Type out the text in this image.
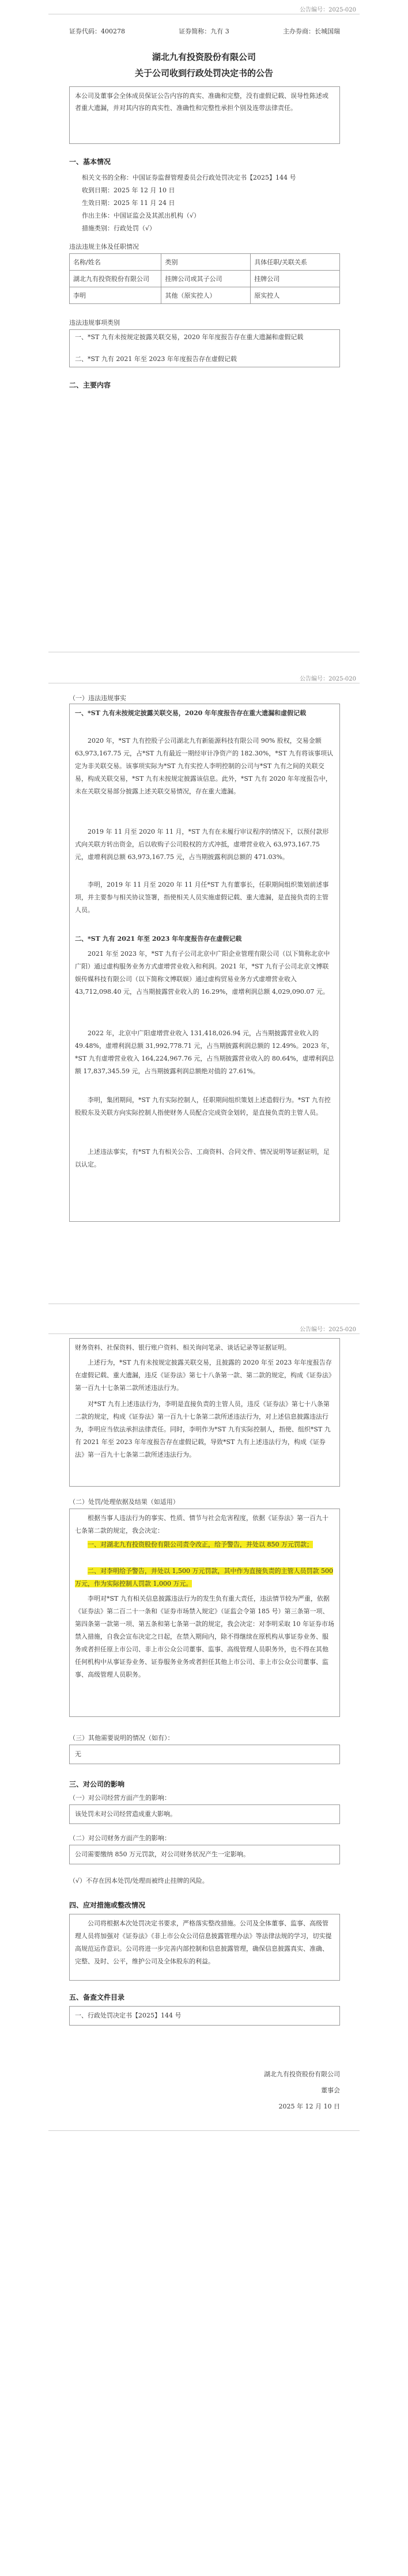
公告编号：2025-020
证券代码：400278	证券简称：九有 3	主办券商：长城国瑞
湖北九有投资股份有限公司
关于公司收到行政处罚决定书的公告
本公司及董事会全体成员保证公告内容的真实、准确和完整，没有虚假记载、误导性陈述或者重大遗漏，并对其内容的真实性、准确性和完整性承担个别及连带法律责任。
一、基本情况
相关文书的全称：中国证券监督管理委员会行政处罚决定书【2025】144 号
收到日期：2025 年 12 月 10 日
生效日期：2025 年 11 月 24 日
作出主体：中国证监会及其派出机构（√）
措施类别：行政处罚（√）
违法违规主体及任职情况
名称/姓名	类别	具体任职/关联关系
湖北九有投资股份有限公司	挂牌公司或其子公司	挂牌公司
李明	其他（原实控人）	原实控人
违法违规事项类别
一、*ST 九有未按规定披露关联交易，2020 年年度报告存在重大遗漏和虚假记载
二、*ST 九有 2021 年至 2023 年年度报告存在虚假记载
二、主要内容
公告编号：2025-020
（一）违法违规事实
一、*ST 九有未按规定披露关联交易，2020 年年度报告存在重大遗漏和虚假记载
2020 年，*ST 九有控股子公司湖北九有新能源科技有限公司 90% 股权，交易金额 63,973,167.75 元，占*ST 九有最近一期经审计净资产的 182.30%，*ST 九有将该事项认定为非关联交易。该事项实际为*ST 九有实控人李明控制的公司与*ST 九有之间的关联交易，构成关联交易，*ST 九有未按规定披露该信息。此外，*ST 九有 2020 年年度报告中，未在关联交易部分披露上述关联交易情况，存在重大遗漏。
2019 年 11 月至 2020 年 11 月，*ST 九有在未履行审议程序的情况下，以预付款形式向关联方转出资金，后以收购子公司股权的方式冲抵，虚增营业收入 63,973,167.75 元，虚增利润总额 63,973,167.75 元，占当期披露利润总额的 471.03%。
李明，2019 年 11 月至 2020 年 11 月任*ST 九有董事长，任职期间组织策划前述事项，并主要参与相关协议签署，指使相关人员实施虚假记载、重大遗漏，是直接负责的主管人员。
二、*ST 九有 2021 年至 2023 年年度报告存在虚假记载
2021 年至 2023 年，*ST 九有子公司北京中广阳企业管理有限公司（以下简称北京中广阳）通过虚构服务业务方式虚增营业收入和利润。2021 年，*ST 九有子公司北京文博联娱传媒科技有限公司（以下简称文博联娱）通过虚构贸易业务方式虚增营业收入 43,712,098.40 元，占当期披露营业收入的 16.29%，虚增利润总额 4,029,090.07 元。
2022 年，北京中广阳虚增营业收入 131,418,026.94 元，占当期披露营业收入的 49.48%，虚增利润总额 31,992,778.71 元，占当期披露利润总额的 12.49%。2023 年，*ST 九有虚增营业收入 164,224,967.76 元，占当期披露营业收入的 80.64%，虚增利润总额 17,837,345.59 元，占当期披露利润总额绝对值的 27.61%。
李明，集团期间，*ST 九有实际控制人，任职期间组织策划上述造假行为。*ST 九有控股股东及关联方向实际控制人指使财务人员配合完成资金划转，是直接负责的主管人员。
上述违法事实，有*ST 九有相关公告、工商资料、合同文件、情况说明等证据证明，足以认定。
公告编号：2025-020
财务资料、社保资料、银行账户资料、相关询问笔录、谈话记录等证据证明。
上述行为，*ST 九有未按规定披露关联交易，且披露的 2020 年至 2023 年年度报告存在虚假记载、重大遗漏，违反《证券法》第七十八条第一款、第二款的规定，构成《证券法》第一百九十七条第二款所述违法行为。
对*ST 九有上述违法行为，李明是直接负责的主管人员，违反《证券法》第七十八条第二款的规定，构成《证券法》第一百九十七条第二款所述违法行为，对上述信息披露违法行为，李明应当依法承担法律责任。同时，李明作为*ST 九有实际控制人，指使、组织*ST 九有 2021 年至 2023 年年度报告存在虚假记载，导致*ST 九有上述违法行为，构成《证券法》第一百九十七条第二款所述违法行为。
（二）处罚/处理依据及结果（如适用）
根据当事人违法行为的事实、性质、情节与社会危害程度，依据《证券法》第一百九十七条第二款的规定，我会决定：
一、对湖北九有投资股份有限公司责令改正，给予警告，并处以 850 万元罚款；
二、对李明给予警告，并处以 1,500 万元罚款，其中作为直接负责的主管人员罚款 500 万元，作为实际控制人罚款 1,000 万元。
李明对*ST 九有相关信息披露违法行为的发生负有重大责任，违法情节较为严重，依据《证券法》第二百二十一条和《证券市场禁入规定》（证监会令第 185 号）第三条第一项、第四条第一款第一项、第五条和第七条第一款的规定，我会决定：对李明采取 10 年证券市场禁入措施，自我会宣布决定之日起，在禁入期间内，除不得继续在原机构从事证券业务、服务或者担任原上市公司、非上市公众公司董事、监事、高级管理人员职务外，也不得在其他任何机构中从事证券业务、证券服务业务或者担任其他上市公司、非上市公众公司董事、监事、高级管理人员职务。
（三）其他需要说明的情况（如有）：
无
三、对公司的影响
（一）对公司经营方面产生的影响：
该处罚未对公司经营造成重大影响。
（二）对公司财务方面产生的影响：
公司需要缴纳 850 万元罚款，对公司财务状况产生一定影响。
（√）不存在因本处罚/处理而被终止挂牌的风险。
四、应对措施或整改情况
公司将根据本次处罚决定书要求，严格落实整改措施。公司及全体董事、监事、高级管理人员将加强对《证券法》《非上市公众公司信息披露管理办法》等法律法规的学习，切实提高规范运作意识。公司将进一步完善内部控制和信息披露管理，确保信息披露真实、准确、完整、及时、公平，维护公司及全体股东的利益。
五、备查文件目录
一、行政处罚决定书【2025】144 号
湖北九有投资股份有限公司
董事会
2025 年 12 月 10 日
